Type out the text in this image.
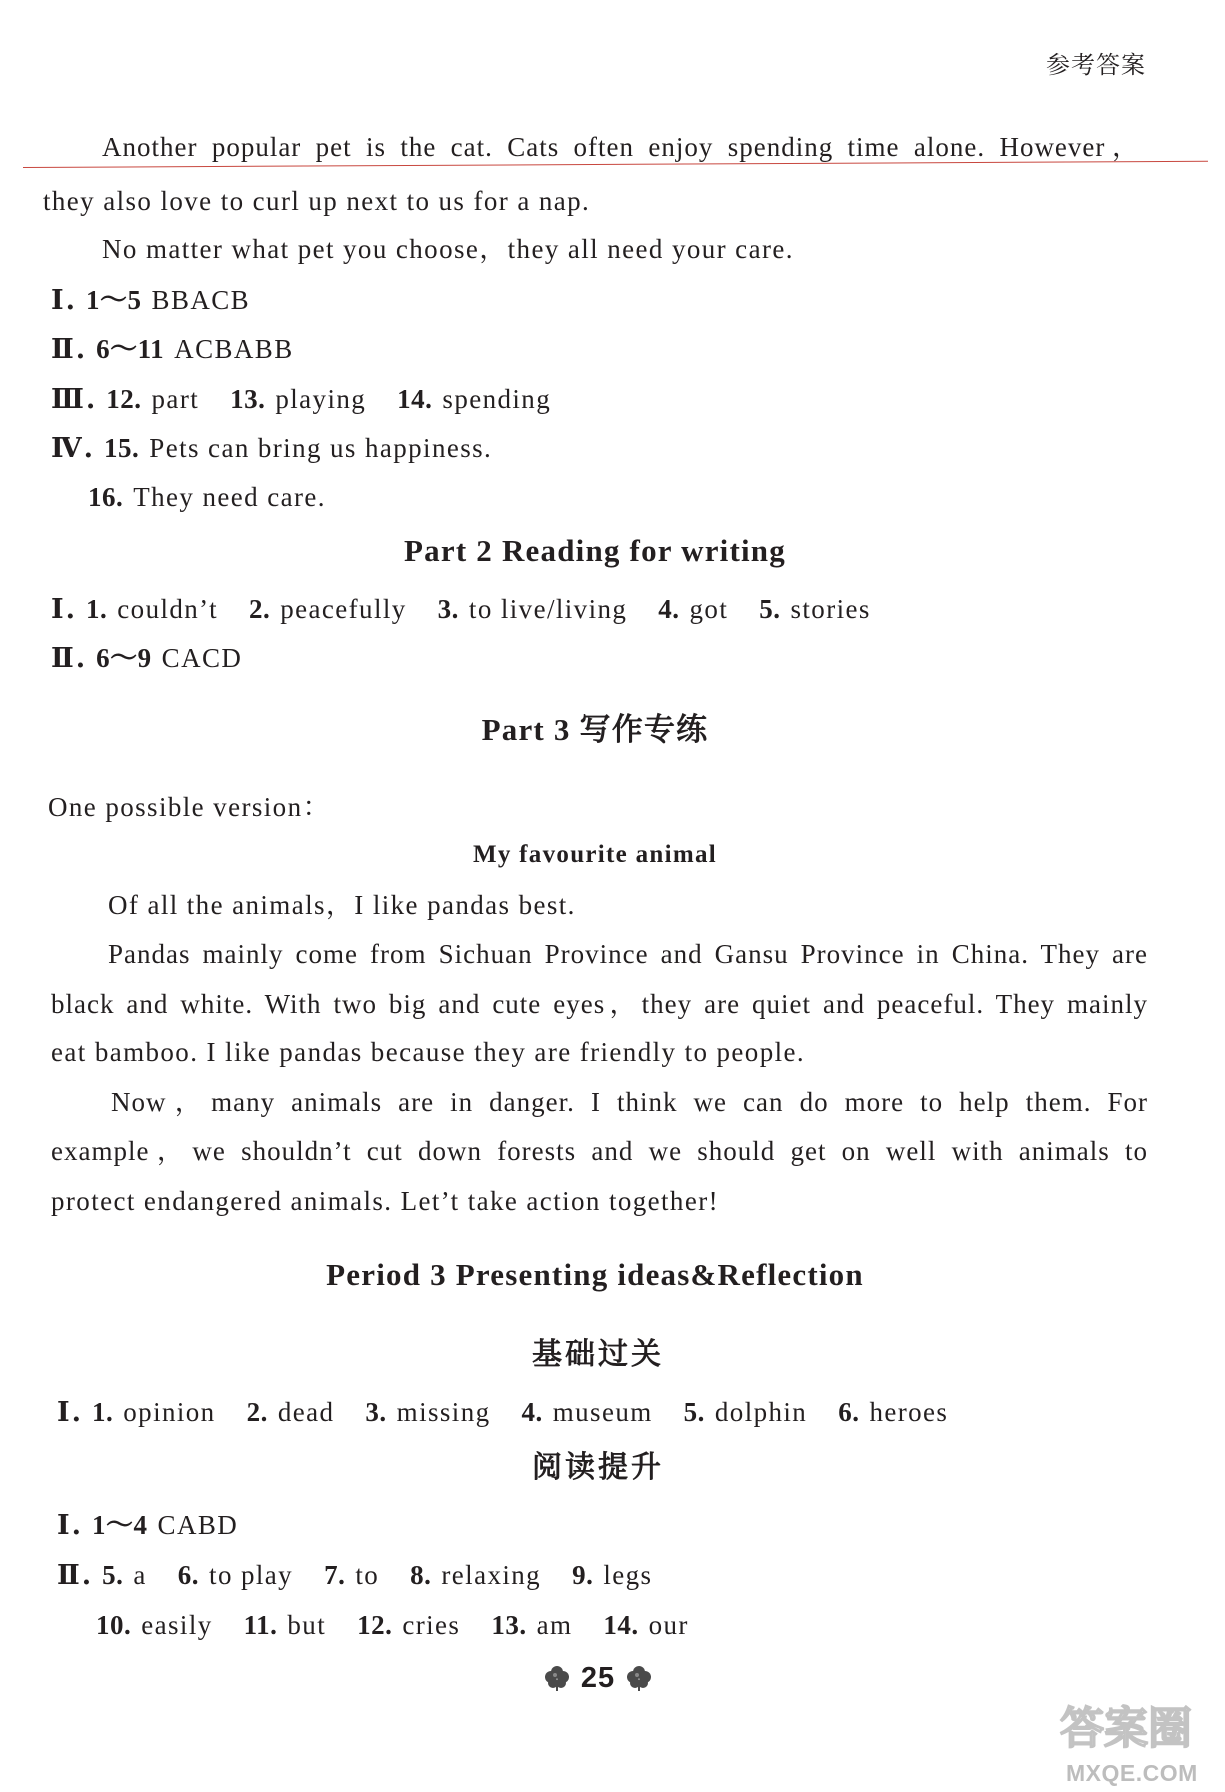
参考答案
Another popular pet is the cat. Cats often enjoy spending time alone. However，
they also love to curl up next to us for a nap.
No matter what pet you choose，they all need your care.
Ⅰ. 1～5 BBACB
Ⅱ. 6～11 ACBABB
Ⅲ. 12. part 13. playing 14. spending
Ⅳ. 15. Pets can bring us happiness.
16. They need care.
Part 2 Reading for writing
Ⅰ. 1. couldn’t 2. peacefully 3. to live/living 4. got 5. stories
Ⅱ. 6～9 CACD
Part 3 写作专练
One possible version：
My favourite animal
Of all the animals，I like pandas best.
Pandas mainly come from Sichuan Province and Gansu Province in China. They are
black and white. With two big and cute eyes，they are quiet and peaceful. They mainly
eat bamboo. I like pandas because they are friendly to people.
Now，many animals are in danger. I think we can do more to help them. For
example，we shouldn’t cut down forests and we should get on well with animals to
protect endangered animals. Let’t take action together!
Period 3 Presenting ideas&Reflection
基础过关
Ⅰ. 1. opinion 2. dead 3. missing 4. museum 5. dolphin 6. heroes
阅读提升
Ⅰ. 1～4 CABD
Ⅱ. 5. a 6. to play 7. to 8. relaxing 9. legs
10. easily 11. but 12. cries 13. am 14. our
25
答案圈
MXQE.COM
